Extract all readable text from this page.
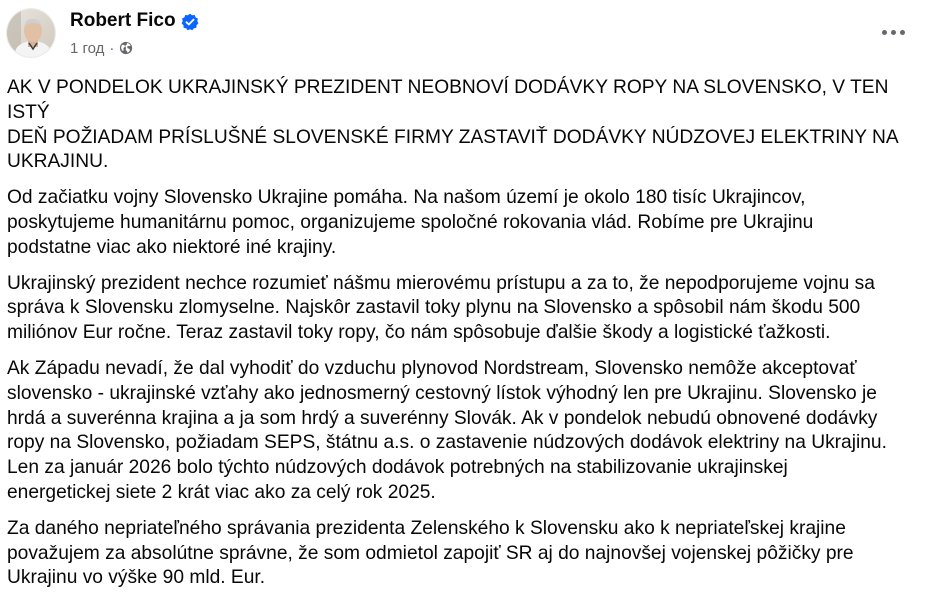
Robert Fico
1 год ·

AK V PONDELOK UKRAJINSKÝ PREZIDENT NEOBNOVÍ DODÁVKY ROPY NA SLOVENSKO, V TEN ISTÝ
DEŇ POŽIADAM PRÍSLUŠNÉ SLOVENSKÉ FIRMY ZASTAVIŤ DODÁVKY NÚDZOVEJ ELEKTRINY NA
UKRAJINU.

Od začiatku vojny Slovensko Ukrajine pomáha. Na našom území je okolo 180 tisíc Ukrajincov,
poskytujeme humanitárnu pomoc, organizujeme spoločné rokovania vlád. Robíme pre Ukrajinu
podstatne viac ako niektoré iné krajiny.

Ukrajinský prezident nechce rozumieť nášmu mierovému prístupu a za to, že nepodporujeme vojnu sa
správa k Slovensku zlomyselne. Najskôr zastavil toky plynu na Slovensko a spôsobil nám škodu 500
miliónov Eur ročne. Teraz zastavil toky ropy, čo nám spôsobuje ďalšie škody a logistické ťažkosti.

Ak Západu nevadí, že dal vyhodiť do vzduchu plynovod Nordstream, Slovensko nemôže akceptovať
slovensko - ukrajinské vzťahy ako jednosmerný cestovný lístok výhodný len pre Ukrajinu. Slovensko je
hrdá a suverénna krajina a ja som hrdý a suverénny Slovák. Ak v pondelok nebudú obnovené dodávky
ropy na Slovensko, požiadam SEPS, štátnu a.s. o zastavenie núdzových dodávok elektriny na Ukrajinu.
Len za január 2026 bolo týchto núdzových dodávok potrebných na stabilizovanie ukrajinskej
energetickej siete 2 krát viac ako za celý rok 2025.

Za daného nepriateľného správania prezidenta Zelenského k Slovensku ako k nepriateľskej krajine
považujem za absolútne správne, že som odmietol zapojiť SR aj do najnovšej vojenskej pôžičky pre
Ukrajinu vo výške 90 mld. Eur.
